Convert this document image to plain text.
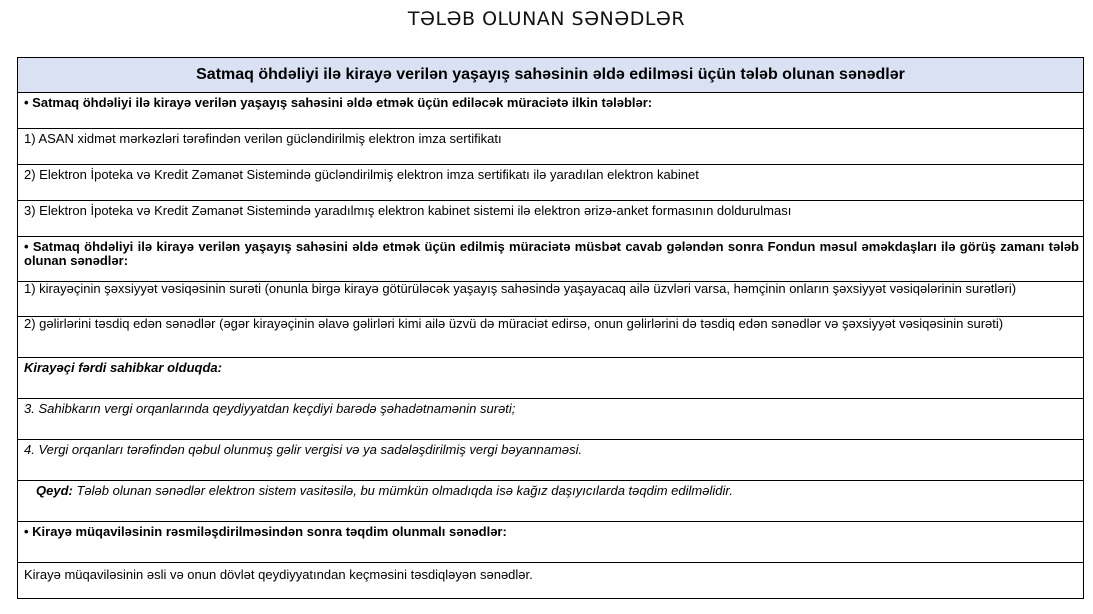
TƏLƏB OLUNAN SƏNƏDLƏR
Satmaq öhdəliyi ilə kirayə verilən yaşayış sahəsinin əldə edilməsi üçün tələb olunan sənədlər
• Satmaq öhdəliyi ilə kirayə verilən yaşayış sahəsini əldə etmək üçün ediləcək müraciətə ilkin tələblər:
1) ASAN xidmət mərkəzləri tərəfindən verilən gücləndirilmiş elektron imza sertifikatı
2) Elektron İpoteka və Kredit Zəmanət Sistemində gücləndirilmiş elektron imza sertifikatı ilə yaradılan elektron kabinet
3) Elektron İpoteka və Kredit Zəmanət Sistemində yaradılmış elektron kabinet sistemi ilə elektron ərizə-anket formasının doldurulması
• Satmaq öhdəliyi ilə kirayə verilən yaşayış sahəsini əldə etmək üçün edilmiş müraciətə müsbət cavab gələndən sonra Fondun məsul əməkdaşları ilə görüş zamanı tələb olunan sənədlər:
1) kirayəçinin şəxsiyyət vəsiqəsinin surəti (onunla birgə kirayə götürüləcək yaşayış sahəsində yaşayacaq ailə üzvləri varsa, həmçinin onların şəxsiyyət vəsiqələrinin surətləri)
2) gəlirlərini təsdiq edən sənədlər (əgər kirayəçinin əlavə gəlirləri kimi ailə üzvü də müraciət edirsə, onun gəlirlərini də təsdiq edən sənədlər və şəxsiyyət vəsiqəsinin surəti)
Kirayəçi fərdi sahibkar olduqda:
3. Sahibkarın vergi orqanlarında qeydiyyatdan keçdiyi barədə şəhadətnamənin surəti;
4. Vergi orqanları tərəfindən qəbul olunmuş gəlir vergisi və ya sadələşdirilmiş vergi bəyannaməsi.
Qeyd: Tələb olunan sənədlər elektron sistem vasitəsilə, bu mümkün olmadıqda isə kağız daşıyıcılarda təqdim edilməlidir.
• Kirayə müqaviləsinin rəsmiləşdirilməsindən sonra təqdim olunmalı sənədlər:
Kirayə müqaviləsinin əsli və onun dövlət qeydiyyatından keçməsini təsdiqləyən sənədlər.
